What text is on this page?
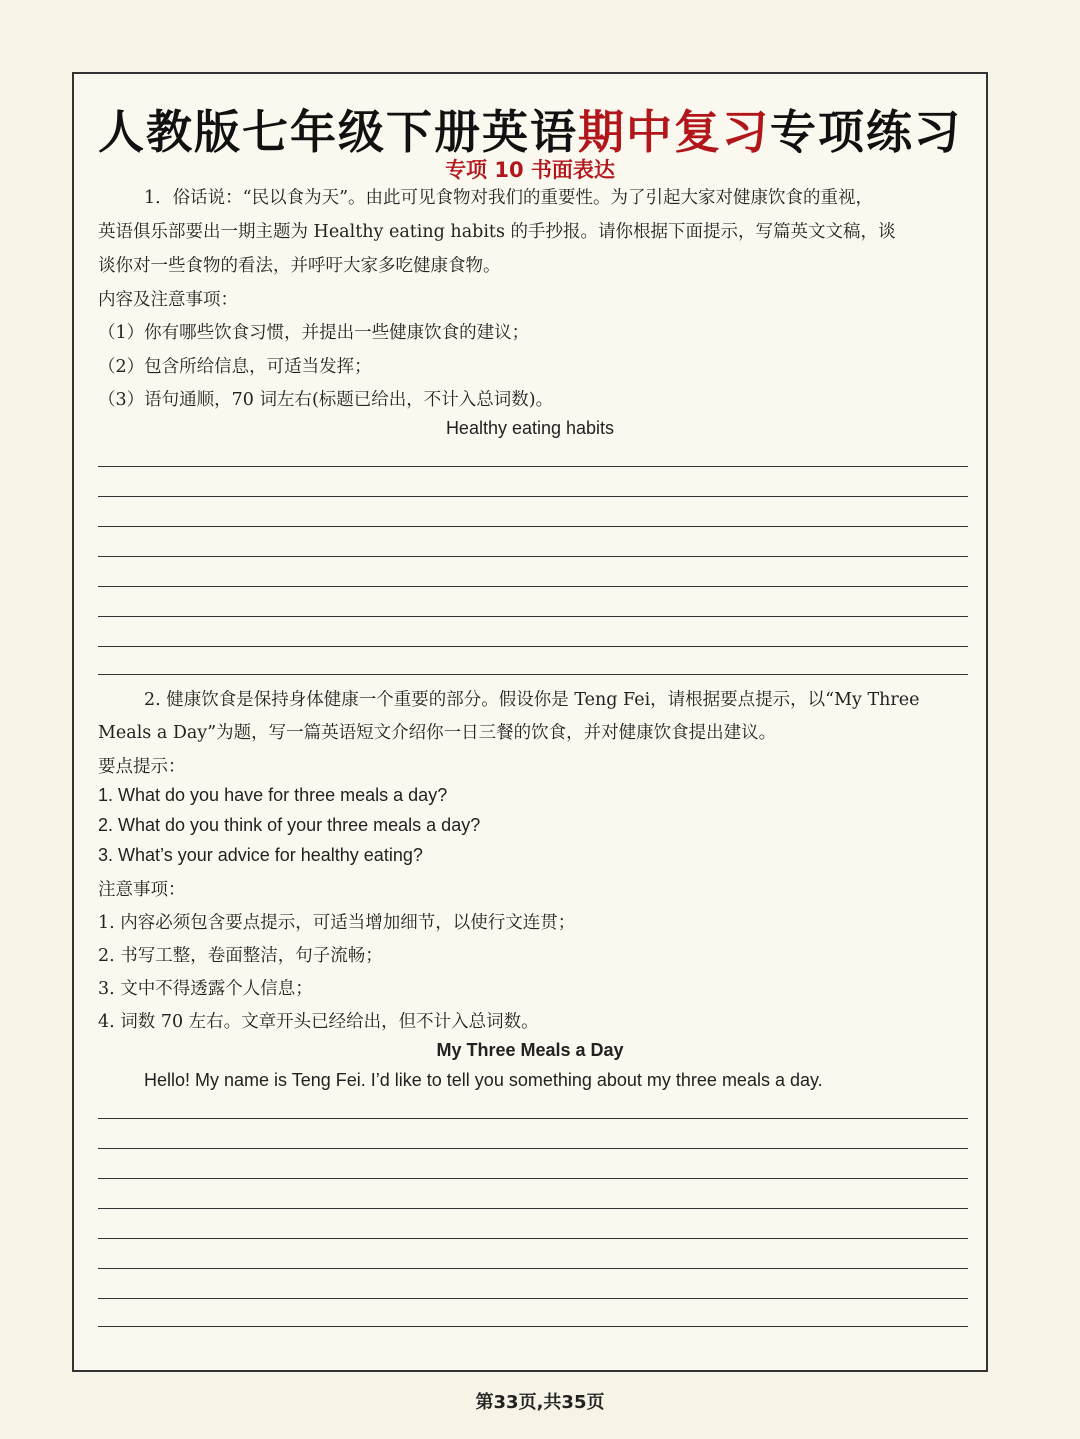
人教版七年级下册英语期中复习专项练习
专项 10 书面表达
1．俗话说：“民以食为天”。由此可见食物对我们的重要性。为了引起大家对健康饮食的重视，
英语俱乐部要出一期主题为 Healthy eating habits 的手抄报。请你根据下面提示，写篇英文文稿，谈
谈你对一些食物的看法，并呼吁大家多吃健康食物。
内容及注意事项：
（1）你有哪些饮食习惯，并提出一些健康饮食的建议；
（2）包含所给信息，可适当发挥；
（3）语句通顺，70 词左右(标题已给出，不计入总词数)。
Healthy eating habits
2. 健康饮食是保持身体健康一个重要的部分。假设你是 Teng Fei，请根据要点提示，以“My Three
Meals a Day”为题，写一篇英语短文介绍你一日三餐的饮食，并对健康饮食提出建议。
要点提示：
1. What do you have for three meals a day?
2. What do you think of your three meals a day?
3. What’s your advice for healthy eating?
注意事项：
1. 内容必须包含要点提示，可适当增加细节，以使行文连贯；
2. 书写工整，卷面整洁，句子流畅；
3. 文中不得透露个人信息；
4. 词数 70 左右。文章开头已经给出，但不计入总词数。
My Three Meals a Day
Hello! My name is Teng Fei. I’d like to tell you something about my three meals a day.
第33页,共35页
